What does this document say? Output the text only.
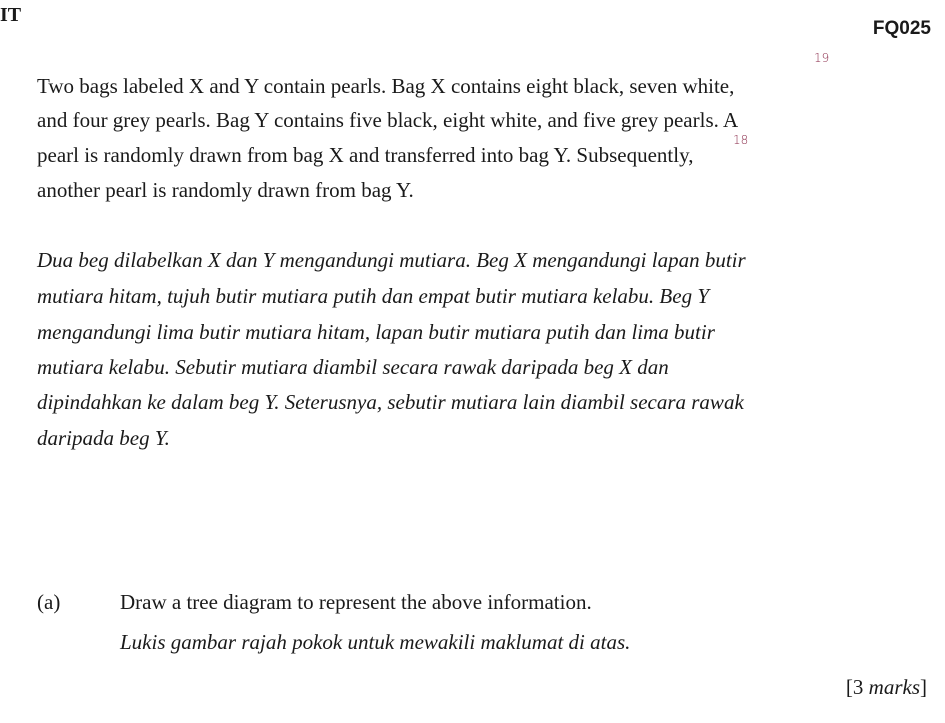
IT
FQ025
19
18
Two bags labeled X and Y contain pearls. Bag X contains eight black, seven white,
and four grey pearls. Bag Y contains five black, eight white, and five grey pearls. A
pearl is randomly drawn from bag X and transferred into bag Y. Subsequently,
another pearl is randomly drawn from bag Y.
Dua beg dilabelkan X dan Y mengandungi mutiara. Beg X mengandungi lapan butir
mutiara hitam, tujuh butir mutiara putih dan empat butir mutiara kelabu. Beg Y
mengandungi lima butir mutiara hitam, lapan butir mutiara putih dan lima butir
mutiara kelabu. Sebutir mutiara diambil secara rawak daripada beg X dan
dipindahkan ke dalam beg Y. Seterusnya, sebutir mutiara lain diambil secara rawak
daripada beg Y.
(a)	Draw a tree diagram to represent the above information.
Lukis gambar rajah pokok untuk mewakili maklumat di atas.
[3 marks]
